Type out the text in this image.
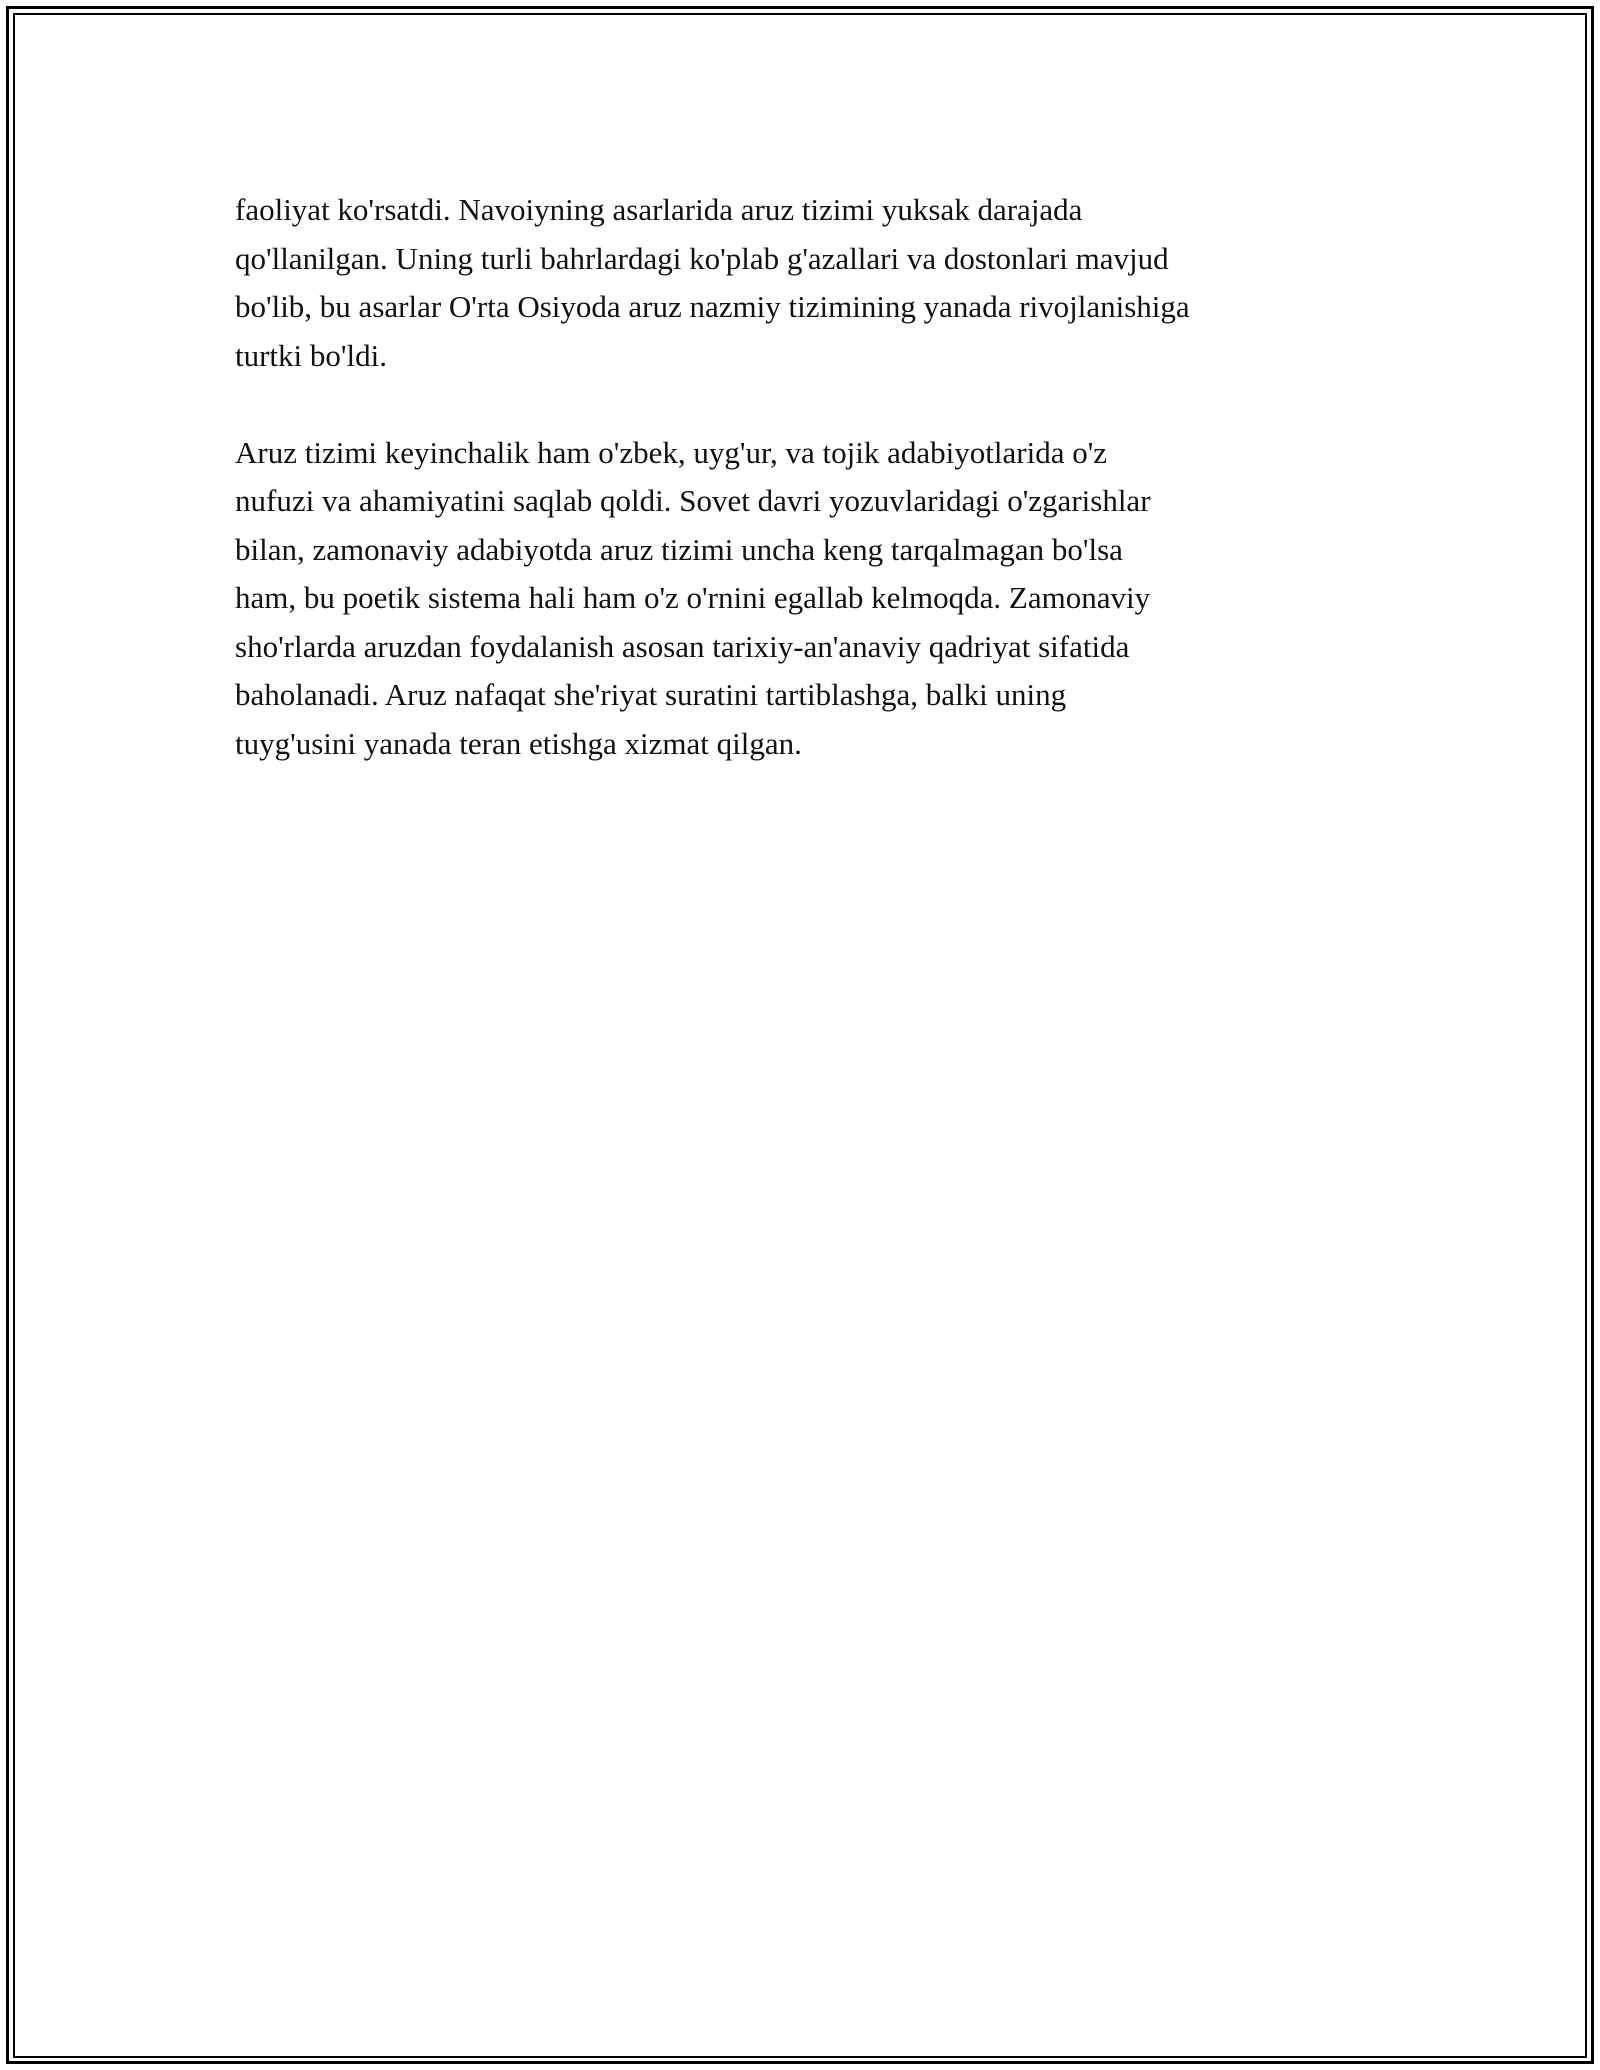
faoliyat ko'rsatdi. Navoiyning asarlarida aruz tizimi yuksak darajada
qo'llanilgan. Uning turli bahrlardagi ko'plab g'azallari va dostonlari mavjud
bo'lib, bu asarlar O'rta Osiyoda aruz nazmiy tizimining yanada rivojlanishiga
turtki bo'ldi.

Aruz tizimi keyinchalik ham o'zbek, uyg'ur, va tojik adabiyotlarida o'z
nufuzi va ahamiyatini saqlab qoldi. Sovet davri yozuvlaridagi o'zgarishlar
bilan, zamonaviy adabiyotda aruz tizimi uncha keng tarqalmagan bo'lsa
ham, bu poetik sistema hali ham o'z o'rnini egallab kelmoqda. Zamonaviy
sho'rlarda aruzdan foydalanish asosan tarixiy-an'anaviy qadriyat sifatida
baholanadi. Aruz nafaqat she'riyat suratini tartiblashga, balki uning
tuyg'usini yanada teran etishga xizmat qilgan.
